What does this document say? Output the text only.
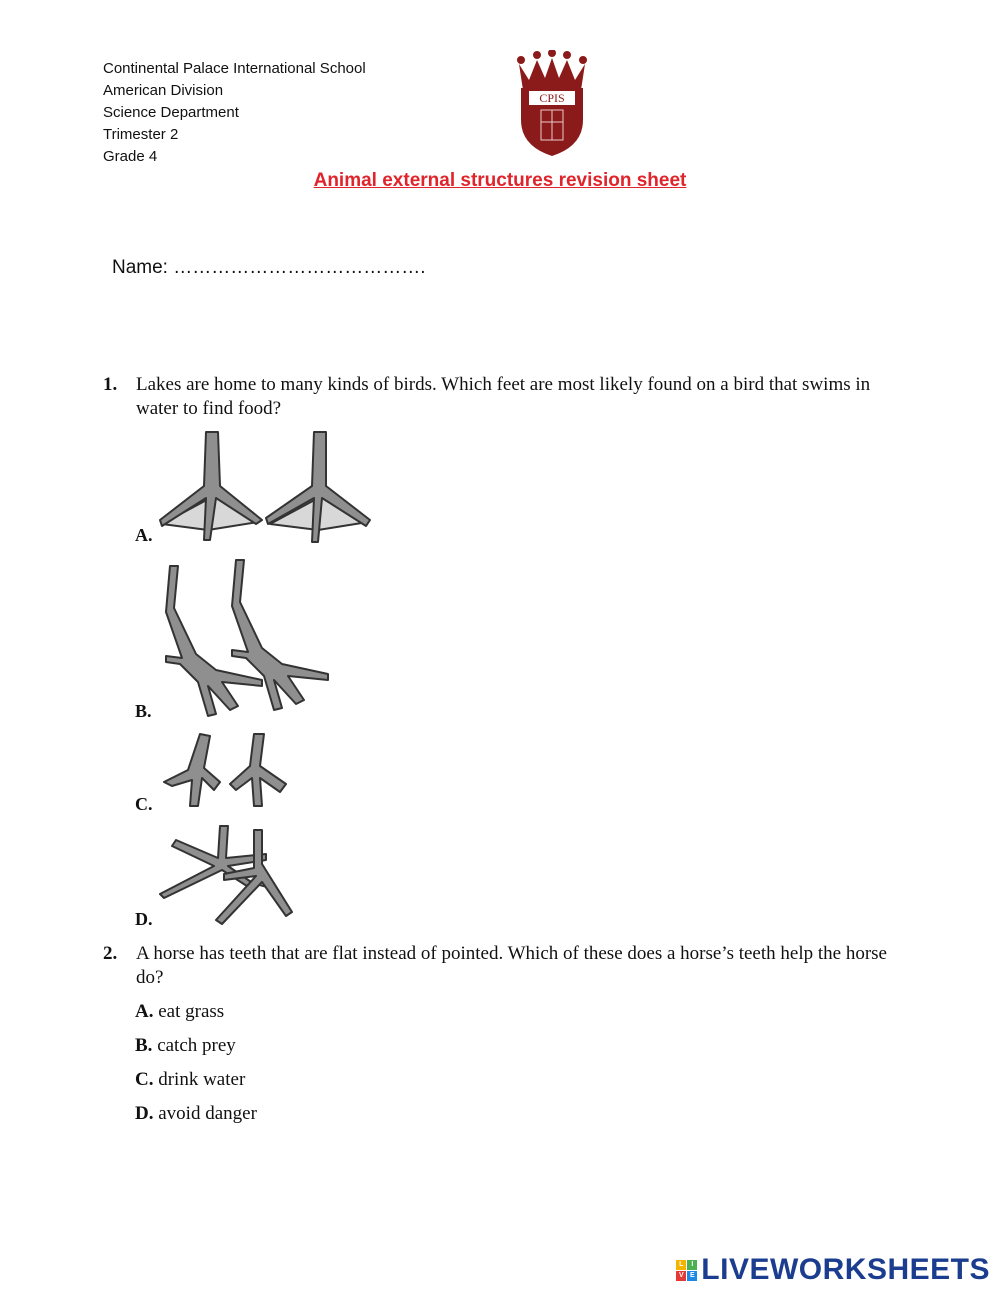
Continental Palace International School
American Division
Science Department
Trimester 2
Grade 4
CPIS
Animal external structures revision sheet
Name: ………………………………….
1. Lakes are home to many kinds of birds. Which feet are most likely found on a bird that swims in water to find food?
A.
B.
C.
D.
2. A horse has teeth that are flat instead of pointed. Which of these does a horse’s teeth help the horse do?
A. eat grass
B. catch prey
C. drink water
D. avoid danger
L	I
V E LIVEWORKSHEETS
